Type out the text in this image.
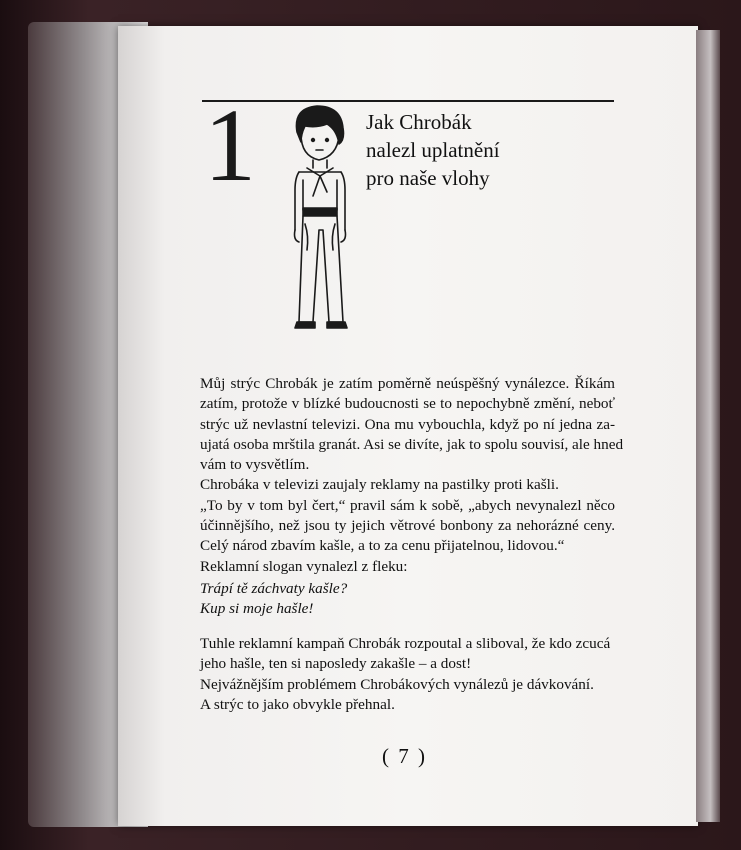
1	Jak Chrobák
nalezl uplatnění
pro naše vlohy

Můj strýc Chrobák je zatím poměrně neúspěšný vynálezce. Říkám

zatím, protože v blízké budoucnosti se to nepochybně změní, neboť

strýc už nevlastní televizi. Ona mu vybouchla, když po ní jedna za-

ujatá osoba mrštila granát. Asi se divíte, jak to spolu souvisí, ale hned

vám to vysvětlím.

Chrobáka v televizi zaujaly reklamy na pastilky proti kašli.

„To by v tom byl čert,“ pravil sám k sobě, „abych nevynalezl něco

účinnějšího, než jsou ty jejich větrové bonbony za nehorázné ceny.

Celý národ zbavím kašle, a to za cenu přijatelnou, lidovou.“

Reklamní slogan vynalezl z fleku:

Trápí tě záchvaty kašle?

Kup si moje hašle!

Tuhle reklamní kampaň Chrobák rozpoutal a sliboval, že kdo zcucá

jeho hašle, ten si naposledy zakašle – a dost!

Nejvážnějším problémem Chrobákových vynálezů je dávkování.

A strýc to jako obvykle přehnal.

( 7 )
